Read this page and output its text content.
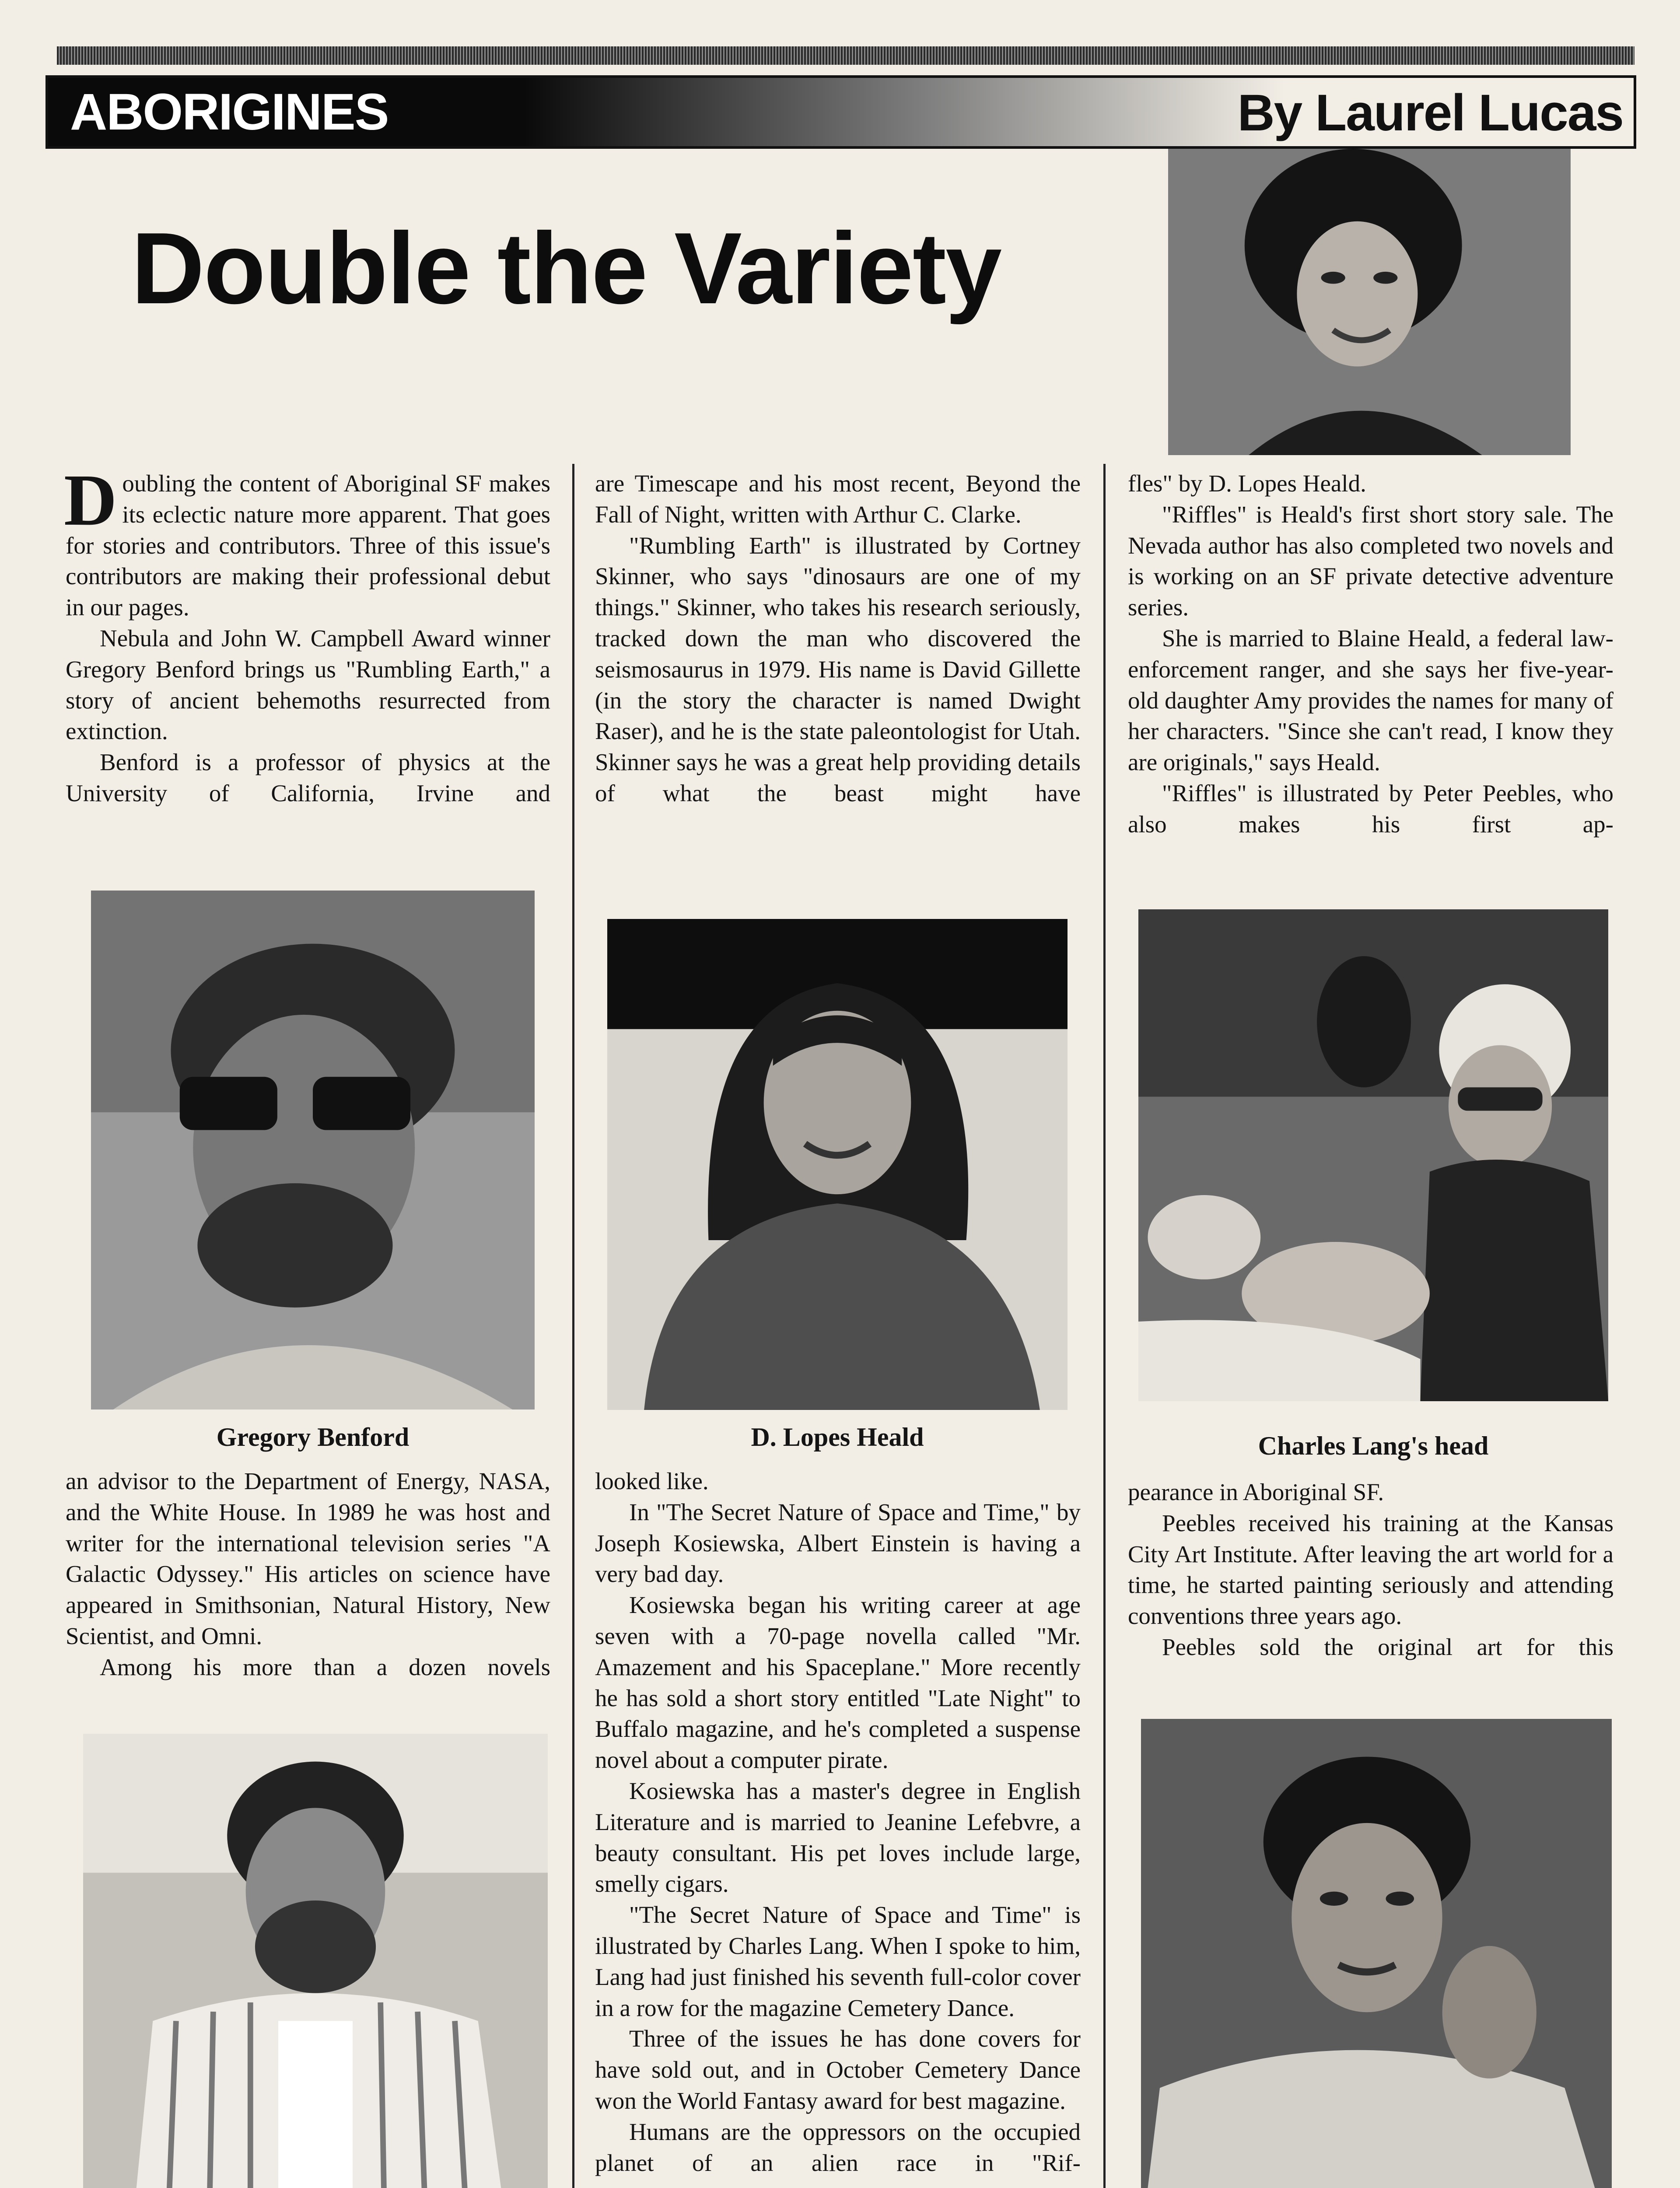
ABORIGINES	By Laurel Lucas
Double the Variety

Doubling the content of Aboriginal SF makes its eclectic nature more apparent. That goes for stories and contributors. Three of this issue's contributors are making their professional debut in our pages.

Nebula and John W. Campbell Award winner Gregory Benford brings us "Rumbling Earth," a story of ancient behemoths resurrected from extinction.

Benford is a professor of physics at the University of California, Irvine and

Gregory Benford

an advisor to the Department of Energy, NASA, and the White House. In 1989 he was host and writer for the international television series "A Galactic Odyssey." His articles on science have appeared in Smithsonian, Natural History, New Scientist, and Omni.

Among his more than a dozen novels

are Timescape and his most recent, Beyond the Fall of Night, written with Arthur C. Clarke.

"Rumbling Earth" is illustrated by Cortney Skinner, who says "dinosaurs are one of my things." Skinner, who takes his research seriously, tracked down the man who discovered the seismosaurus in 1979. His name is David Gillette (in the story the character is named Dwight Raser), and he is the state paleontologist for Utah. Skinner says he was a great help providing details of what the beast might have

D. Lopes Heald

looked like.

In "The Secret Nature of Space and Time," by Joseph Kosiewska, Albert Einstein is having a very bad day.

Kosiewska began his writing career at age seven with a 70-page novella called "Mr. Amazement and his Spaceplane." More recently he has sold a short story entitled "Late Night" to Buffalo magazine, and he's completed a suspense novel about a computer pirate.

Kosiewska has a master's degree in English Literature and is married to Jeanine Lefebvre, a beauty consultant. His pet loves include large, smelly cigars.

"The Secret Nature of Space and Time" is illustrated by Charles Lang. When I spoke to him, Lang had just finished his seventh full-color cover in a row for the magazine Cemetery Dance.

Three of the issues he has done covers for have sold out, and in October Cemetery Dance won the World Fantasy award for best magazine.

Humans are the oppressors on the occupied planet of an alien race in "Rif-

fles" by D. Lopes Heald.

"Riffles" is Heald's first short story sale. The Nevada author has also completed two novels and is working on an SF private detective adventure series.

She is married to Blaine Heald, a federal law-enforcement ranger, and she says her five-year-old daughter Amy provides the names for many of her characters. "Since she can't read, I know they are originals," says Heald.

"Riffles" is illustrated by Peter Peebles, who also makes his first ap-

Charles Lang's head

pearance in Aboriginal SF.

Peebles received his training at the Kansas City Art Institute. After leaving the art world for a time, he started painting seriously and attending conventions three years ago.

Peebles sold the original art for this
